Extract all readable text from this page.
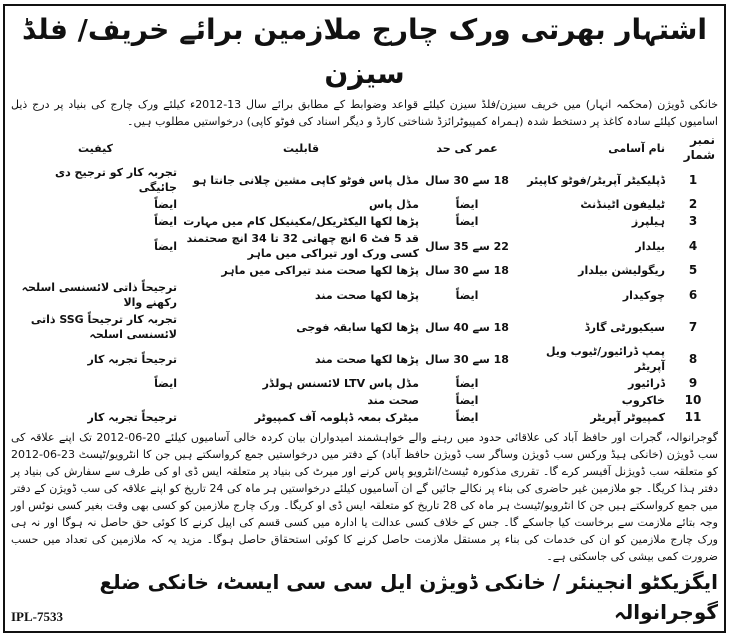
اشتہار بھرتی ورک چارج ملازمین برائے خریف/ فلڈ سیزن
خانکی ڈویژن (محکمہ انہار) میں خریف سیزن/فلڈ سیزن کیلئے قواعد وضوابط کے مطابق برائے سال 13-2012ء کیلئے ورک چارج کی بنیاد پر درج ذیل اسامیوں کیلئے سادہ کاغذ پر دستخط شدہ (ہمراہ کمپیوٹرائزڈ شناختی کارڈ و دیگر اسناد کی فوٹو کاپی) درخواستیں مطلوب ہیں۔
نمبر شمار	نام آسامی	عمر کی حد	قابلیت	کیفیت
1	ڈپلیکیٹر آپریٹر/فوٹو کاپیئر	18 سے 30 سال	مڈل پاس فوٹو کاپی مشین چلانی جانتا ہو	تجربہ کار کو ترجیح دی جائیگی
2	ٹیلیفون اٹینڈنٹ	ایضاً	مڈل پاس	ایضاً
3	ہیلپرز	ایضاً	پڑھا لکھا الیکٹریکل/مکینیکل کام میں مہارت	ایضاً
4	بیلدار	22 سے 35 سال	قد 5 فٹ 6 انچ چھاتی 32 تا 34 انچ صحتمند کسی ورک اور تیراکی میں ماہر	ایضاً
5	ریگولیشن بیلدار	18 سے 30 سال	پڑھا لکھا صحت مند تیراکی میں ماہر	
6	چوکیدار	ایضاً	پڑھا لکھا صحت مند	ترجیحاً ذاتی لائسنسی اسلحہ رکھنے والا
7	سیکیورٹی گارڈ	18 سے 40 سال	پڑھا لکھا سابقہ فوجی	تجربہ کار ترجیحاً SSG ذاتی لائسنسی اسلحہ
8	پمپ ڈرائیور/ٹیوب ویل آپریٹر	18 سے 30 سال	پڑھا لکھا صحت مند	ترجیحاً تجربہ کار
9	ڈرائیور	ایضاً	مڈل پاس LTV لائسنس ہولڈر	ایضاً
10	خاکروب	ایضاً	صحت مند	
11	کمپیوٹر آپریٹر	ایضاً	میٹرک بمعہ ڈپلومہ آف کمپیوٹر	ترجیحاً تجربہ کار
گوجرانوالہ، گجرات اور حافظ آباد کی علاقائی حدود میں رہنے والے خواہشمند امیدواران بیان کردہ خالی آسامیوں کیلئے 20-06-2012 تک اپنے علاقہ کی سب ڈویژن (خانکی ہیڈ ورکس سب ڈویژن وساگر سب ڈویژن حافظ آباد) کے دفتر میں درخواستیں جمع کرواسکتے ہیں جن کا انٹرویو/ٹیسٹ 23-06-2012 کو متعلقہ سب ڈویژنل آفیسر کرے گا۔ تقرری مذکورہ ٹیسٹ/انٹرویو پاس کرنے اور میرٹ کی بنیاد پر متعلقہ ایس ڈی او کی طرف سے سفارش کی بنیاد پر دفتر ہذا کریگا۔ جو ملازمین غیر حاضری کی بناء پر نکالے جائیں گے ان آسامیوں کیلئے درخواستیں ہر ماہ کی 24 تاریخ کو اپنے علاقہ کی سب ڈویژن کے دفتر میں جمع کرواسکتے ہیں جن کا انٹرویو/ٹیسٹ ہر ماہ کی 28 تاریخ کو متعلقہ ایس ڈی او کریگا۔ ورک چارج ملازمین کو کسی بھی وقت بغیر کسی نوٹس اور وجہ بتائے ملازمت سے برخاست کیا جاسکے گا۔ جس کے خلاف کسی عدالت یا ادارہ میں کسی قسم کی اپیل کرنے کا کوئی حق حاصل نہ ہوگا اور نہ ہی ورک چارج ملازمین کو ان کی خدمات کی بناء پر مستقل ملازمت حاصل کرنے کا کوئی استحقاق حاصل ہوگا۔ مزید یہ کہ ملازمین کی تعداد میں حسب ضرورت کمی بیشی کی جاسکتی ہے۔
ایگزیکٹو انجینئر / خانکی ڈویژن ایل سی سی ایسٹ، خانکی ضلع گوجرانوالہ
IPL-7533
